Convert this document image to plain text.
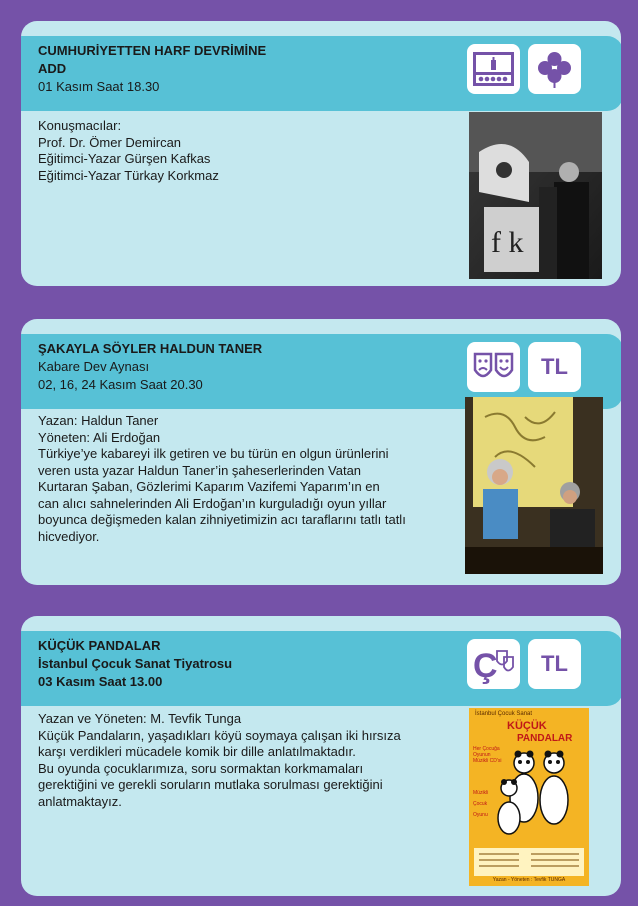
CUMHURİYETTEN HARF DEVRİMİNE
ADD
01 Kasım Saat 18.30
Konuşmacılar:
Prof. Dr. Ömer Demircan
Eğitimci-Yazar Gürşen Kafkas
Eğitimci-Yazar Türkay Korkmaz
f k
ŞAKAYLA SÖYLER HALDUN TANER
Kabare Dev Aynası
02, 16, 24 Kasım Saat 20.30
TL
Yazan: Haldun Taner
Yöneten: Ali Erdoğan
Türkiye’ye kabareyi ilk getiren ve bu türün en olgun ürünlerini
veren usta yazar Haldun Taner’in şaheserlerinden Vatan
Kurtaran Şaban, Gözlerimi Kaparım Vazifemi Yaparım’ın en
can alıcı sahnelerinden Ali Erdoğan’ın kurguladığı oyun yıllar
boyunca değişmeden kalan zihniyetimizin acı taraflarını tatlı tatlı
hicvediyor.
KÜÇÜK PANDALAR
İstanbul Çocuk Sanat Tiyatrosu
03 Kasım Saat 13.00	Ç	TL
Yazan ve Yöneten: M. Tevfik Tunga
Küçük Pandaların, yaşadıkları köyü soymaya çalışan iki hırsıza
karşı verdikleri mücadele komik bir dille anlatılmaktadır.
Bu oyunda çocuklarımıza, soru sormaktan korkmamaları
gerektiğini ve gerekli soruların mutlaka sorulması gerektiğini
anlatmaktayız.
İstanbul Çocuk Sanat
KÜÇÜK
PANDALAR
Her Çocuğa
Oyunun
Müzikli CD'si
Müzikli
Çocuk
Oyunu
Yazan - Yöneten : Tevfik TUNGA
